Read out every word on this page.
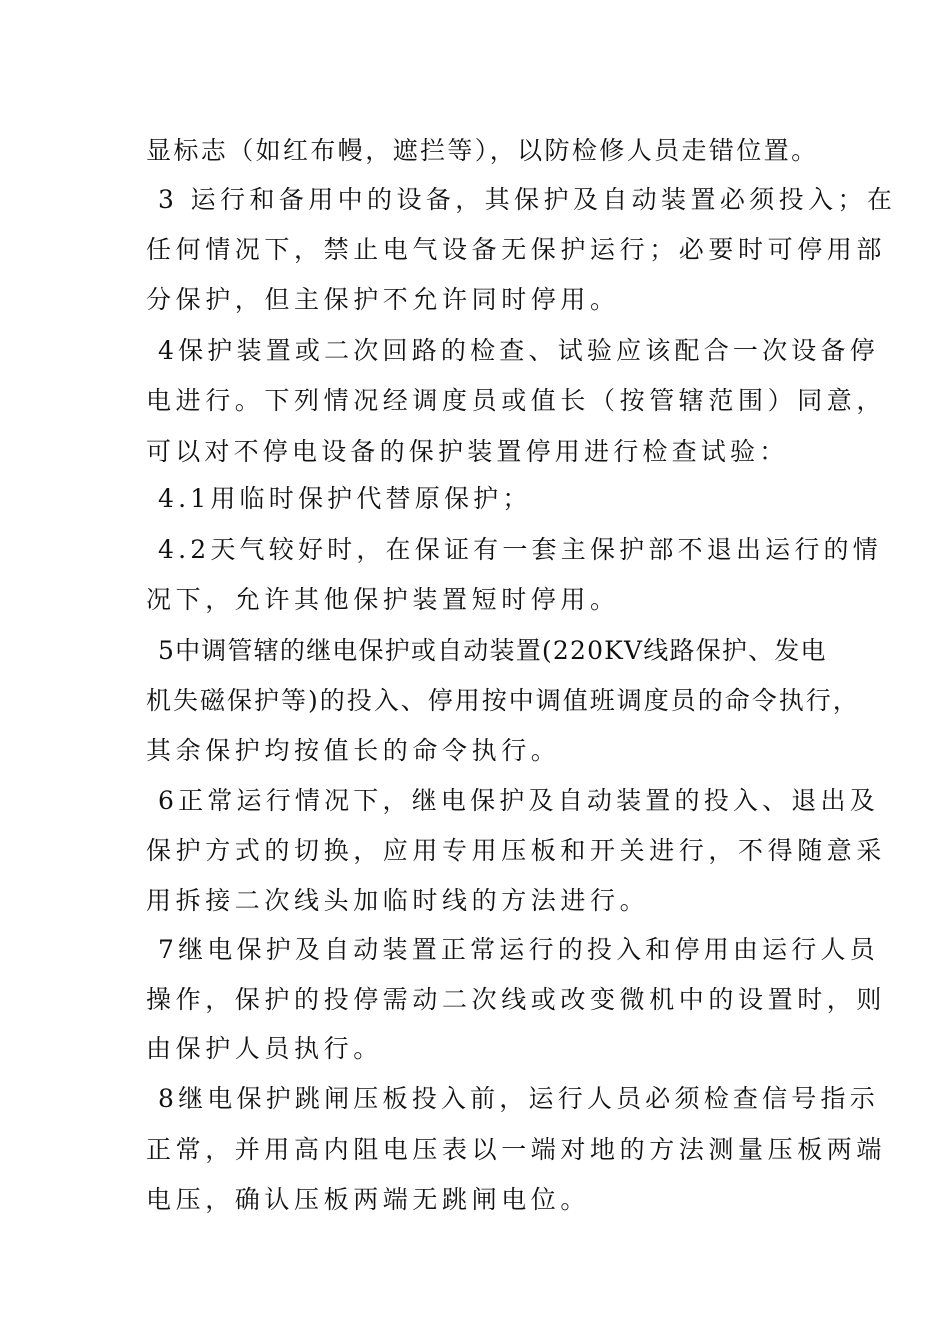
显标志（如红布幔，遮拦等），以防检修人员走错位置。
3 运行和备用中的设备，其保护及自动装置必须投入；在
任何情况下，禁止电气设备无保护运行；必要时可停用部
分保护，但主保护不允许同时停用。
4保护装置或二次回路的检查、试验应该配合一次设备停
电进行。下列情况经调度员或值长（按管辖范围）同意，
可以对不停电设备的保护装置停用进行检查试验：
4.1用临时保护代替原保护；
4.2天气较好时，在保证有一套主保护部不退出运行的情
况下，允许其他保护装置短时停用。
5中调管辖的继电保护或自动装置(220KV线路保护、发电
机失磁保护等)的投入、停用按中调值班调度员的命令执行，
其余保护均按值长的命令执行。
6正常运行情况下，继电保护及自动装置的投入、退出及
保护方式的切换，应用专用压板和开关进行，不得随意采
用拆接二次线头加临时线的方法进行。
7继电保护及自动装置正常运行的投入和停用由运行人员
操作，保护的投停需动二次线或改变微机中的设置时，则
由保护人员执行。
8继电保护跳闸压板投入前，运行人员必须检查信号指示
正常，并用高内阻电压表以一端对地的方法测量压板两端
电压，确认压板两端无跳闸电位。
